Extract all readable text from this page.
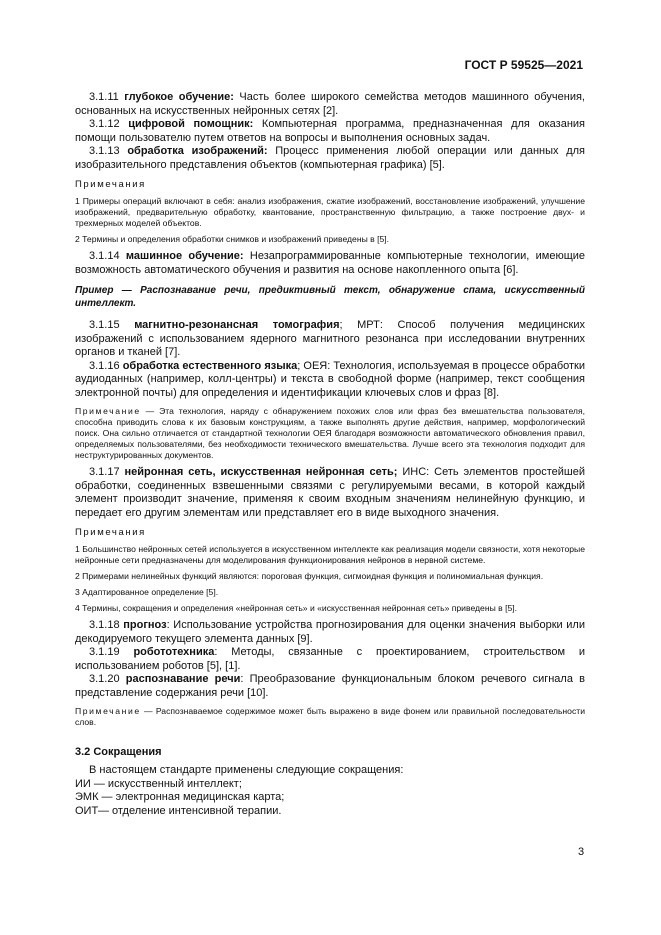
ГОСТ Р 59525—2021

3.1.11 глубокое обучение: Часть более широкого семейства методов машинного обучения, основанных на искусственных нейронных сетях [2].

3.1.12 цифровой помощник: Компьютерная программа, предназначенная для оказания помощи пользователю путем ответов на вопросы и выполнения основных задач.

3.1.13 обработка изображений: Процесс применения любой операции или данных для изобразительного представления объектов (компьютерная графика) [5].

Примечания

1 Примеры операций включают в себя: анализ изображения, сжатие изображений, восстановление изображений, улучшение изображений, предварительную обработку, квантование, пространственную фильтрацию, а также построение двух- и трехмерных моделей объектов.

2 Термины и определения обработки снимков и изображений приведены в [5].

3.1.14 машинное обучение: Незапрограммированные компьютерные технологии, имеющие возможность автоматического обучения и развития на основе накопленного опыта [6].

Пример — Распознавание речи, предиктивный текст, обнаружение спама, искусственный интеллект.

3.1.15 магнитно-резонансная томография; МРТ: Способ получения медицинских изображений с использованием ядерного магнитного резонанса при исследовании внутренних органов и тканей [7].

3.1.16 обработка естественного языка; ОЕЯ: Технология, используемая в процессе обработки аудиоданных (например, колл-центры) и текста в свободной форме (например, текст сообщения электронной почты) для определения и идентификации ключевых слов и фраз [8].

Примечание — Эта технология, наряду с обнаружением похожих слов или фраз без вмешательства пользователя, способна приводить слова к их базовым конструкциям, а также выполнять другие действия, например, морфологический поиск. Она сильно отличается от стандартной технологии ОЕЯ благодаря возможности автоматического обновления правил, определяемых пользователями, без необходимости технического вмешательства. Лучше всего эта технология подходит для неструктурированных документов.

3.1.17 нейронная сеть, искусственная нейронная сеть; ИНС: Сеть элементов простейшей обработки, соединенных взвешенными связями с регулируемыми весами, в которой каждый элемент производит значение, применяя к своим входным значениям нелинейную функцию, и передает его другим элементам или представляет его в виде выходного значения.

Примечания

1 Большинство нейронных сетей используется в искусственном интеллекте как реализация модели связности, хотя некоторые нейронные сети предназначены для моделирования функционирования нейронов в нервной системе.

2 Примерами нелинейных функций являются: пороговая функция, сигмоидная функция и полиномиальная функция.

3 Адаптированное определение [5].

4 Термины, сокращения и определения «нейронная сеть» и «искусственная нейронная сеть» приведены в [5].

3.1.18 прогноз: Использование устройства прогнозирования для оценки значения выборки или декодируемого текущего элемента данных [9].

3.1.19 робототехника: Методы, связанные с проектированием, строительством и использованием роботов [5], [1].

3.1.20 распознавание речи: Преобразование функциональным блоком речевого сигнала в представление содержания речи [10].

Примечание — Распознаваемое содержимое может быть выражено в виде фонем или правильной последовательности слов.

3.2 Сокращения

В настоящем стандарте применены следующие сокращения:

ИИ — искусственный интеллект;

ЭМК — электронная медицинская карта;

ОИТ— отделение интенсивной терапии.

3
